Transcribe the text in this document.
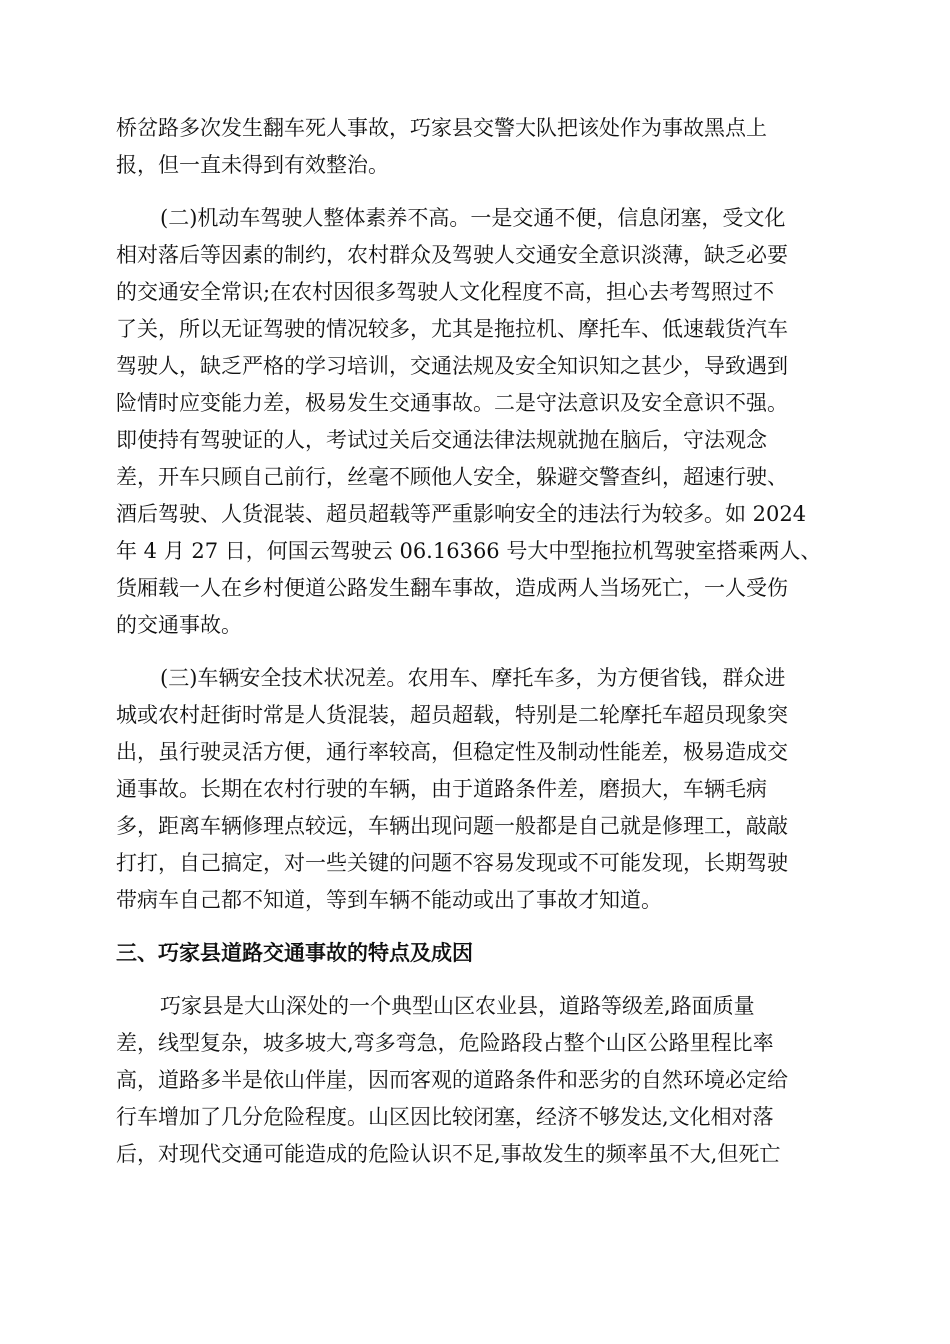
桥岔路多次发生翻车死人事故，巧家县交警大队把该处作为事故黑点上
报，但一直未得到有效整治。
(二)机动车驾驶人整体素养不高。一是交通不便，信息闭塞，受文化
相对落后等因素的制约，农村群众及驾驶人交通安全意识淡薄，缺乏必要
的交通安全常识;在农村因很多驾驶人文化程度不高，担心去考驾照过不
了关，所以无证驾驶的情况较多，尤其是拖拉机、摩托车、低速载货汽车
驾驶人，缺乏严格的学习培训，交通法规及安全知识知之甚少，导致遇到
险情时应变能力差，极易发生交通事故。二是守法意识及安全意识不强。
即使持有驾驶证的人，考试过关后交通法律法规就抛在脑后，守法观念
差，开车只顾自己前行，丝毫不顾他人安全，躲避交警查纠，超速行驶、
酒后驾驶、人货混装、超员超载等严重影响安全的违法行为较多。如 2024
年 4 月 27 日，何国云驾驶云 06.16366 号大中型拖拉机驾驶室搭乘两人、
货厢载一人在乡村便道公路发生翻车事故，造成两人当场死亡，一人受伤
的交通事故。
(三)车辆安全技术状况差。农用车、摩托车多，为方便省钱，群众进
城或农村赶街时常是人货混装，超员超载，特别是二轮摩托车超员现象突
出，虽行驶灵活方便，通行率较高，但稳定性及制动性能差，极易造成交
通事故。长期在农村行驶的车辆，由于道路条件差，磨损大，车辆毛病
多，距离车辆修理点较远，车辆出现问题一般都是自己就是修理工，敲敲
打打，自己搞定，对一些关键的问题不容易发现或不可能发现，长期驾驶
带病车自己都不知道，等到车辆不能动或出了事故才知道。
三、巧家县道路交通事故的特点及成因
巧家县是大山深处的一个典型山区农业县，道路等级差,路面质量
差，线型复杂，坡多坡大,弯多弯急，危险路段占整个山区公路里程比率
高，道路多半是依山伴崖，因而客观的道路条件和恶劣的自然环境必定给
行车增加了几分危险程度。山区因比较闭塞，经济不够发达,文化相对落
后，对现代交通可能造成的危险认识不足,事故发生的频率虽不大,但死亡
